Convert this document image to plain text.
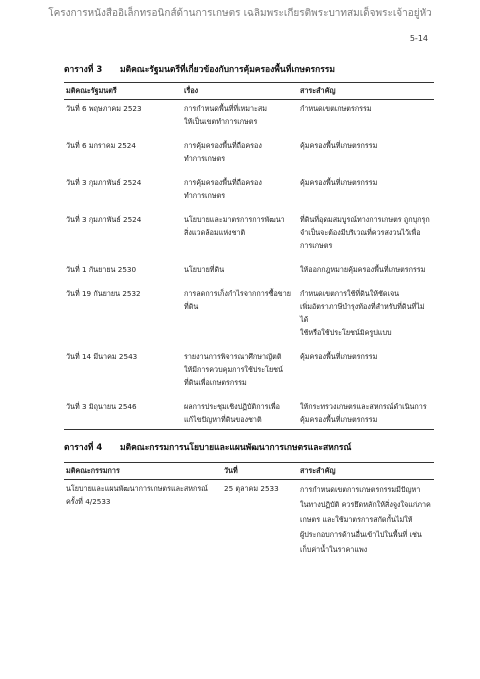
โครงการหนังสืออิเล็กทรอนิกส์ด้านการเกษตร เฉลิมพระเกียรติพระบาทสมเด็จพระเจ้าอยู่หัว
5-14
ตารางที่ 3 มติคณะรัฐมนตรีที่เกี่ยวข้องกับการคุ้มครองพื้นที่เกษตรกรรม
มติคณะรัฐมนตรี	เรื่อง	สาระสำคัญ
วันที่ 6 พฤษภาคม 2523	การกำหนดพื้นที่ที่เหมาะสม
ให้เป็นเขตทำการเกษตร	กำหนดเขตเกษตรกรรม

วันที่ 6 มกราคม 2524	การคุ้มครองพื้นที่ถือครอง
ทำการเกษตร	คุ้มครองพื้นที่เกษตรกรรม

วันที่ 3 กุมภาพันธ์ 2524	การคุ้มครองพื้นที่ถือครอง
ทำการเกษตร	คุ้มครองพื้นที่เกษตรกรรม

วันที่ 3 กุมภาพันธ์ 2524	นโยบายและมาตรการการพัฒนา
สิ่งแวดล้อมแห่งชาติ	ที่ดินที่อุดมสมบูรณ์ทางการเกษตร ถูกบุกรุก
จำเป็นจะต้องมีบริเวณที่ควรสงวนไว้เพื่อ
การเกษตร

วันที่ 1 กันยายน 2530	นโยบายที่ดิน	ให้ออกกฎหมายคุ้มครองพื้นที่เกษตรกรรม

วันที่ 19 กันยายน 2532	การลดการเก็งกำไรจากการซื้อขาย
ที่ดิน	กำหนดเขตการใช้ที่ดินให้ชัดเจน
เพิ่มอัตราภาษีบำรุงท้องที่สำหรับที่ดินที่ไม่ได้
ใช้หรือใช้ประโยชน์มิครูปแบบ

วันที่ 14 มีนาคม 2543	รายงานการพิจารณาศึกษาญัตติ
ให้มีการควบคุมการใช้ประโยชน์
ที่ดินเพื่อเกษตรกรรม	คุ้มครองพื้นที่เกษตรกรรม

วันที่ 3 มิถุนายน 2546	ผลการประชุมเชิงปฏิบัติการเพื่อ
แก้ไขปัญหาที่ดินของชาติ	ให้กระทรวงเกษตรและสหกรณ์ดำเนินการ
คุ้มครองพื้นที่เกษตรกรรม
ตารางที่ 4 มติคณะกรรมการนโยบายและแผนพัฒนาการเกษตรและสหกรณ์
มติคณะกรรมการ	วันที่	สาระสำคัญ

นโยบายและแผนพัฒนาการเกษตรและสหกรณ์
ครั้งที่ 4/2533	25 ตุลาคม 2533	การกำหนดเขตการเกษตรกรรมมีปัญหา
ในทางปฏิบัติ ควรยึดหลักให้สิ่งจูงใจแก่ภาค
เกษตร และใช้มาตรการสกัดกั้นไม่ให้
ผู้ประกอบการด้านอื่นเข้าไปในพื้นที่ เช่น
เก็บค่าน้ำในราคาแพง
